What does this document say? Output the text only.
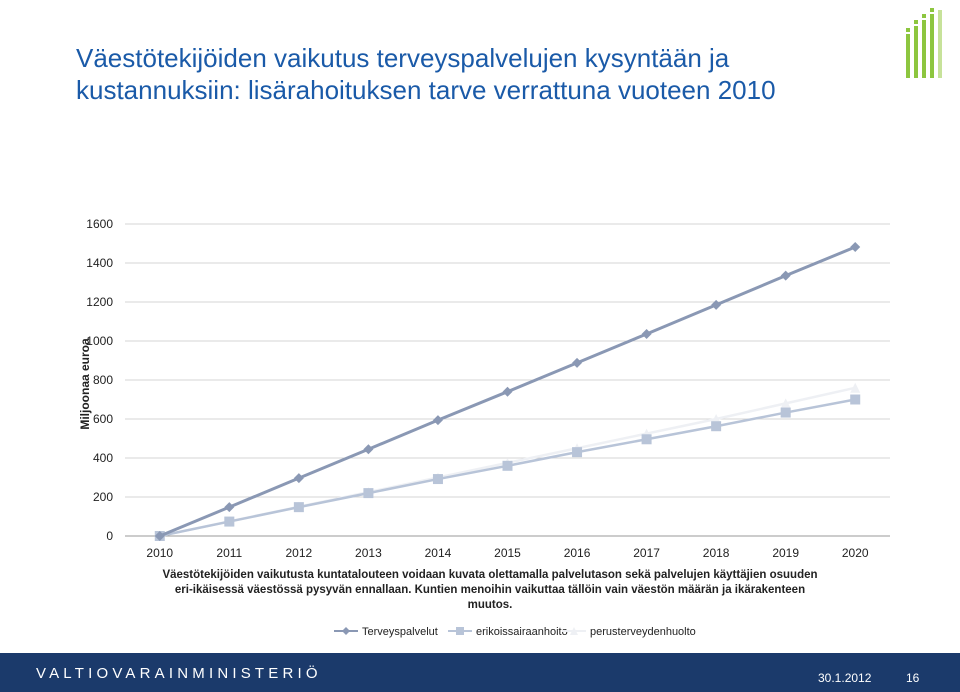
Väestötekijöiden vaikutus terveyspalvelujen kysyntään ja
kustannuksiin: lisärahoituksen tarve verrattuna vuoteen 2010
0
200
400
600
800
1000
1200
1400
1600
2010	2011	2012	2013	2014	2015	2016	2017	2018	2019	2020
Miljoonaa euroa
Terveyspalvelut	erikoissairaanhoito perusterveydenhuolto
Väestötekijöiden vaikutusta kuntatalouteen voidaan kuvata olettamalla palvelutason sekä palvelujen käyttäjien osuuden eri-ikäisessä väestössä pysyvän ennallaan. Kuntien menoihin vaikuttaa tällöin vain väestön määrän ja ikärakenteen muutos.
VALTIOVARAINMINISTERIÖ	30.1.2012	16
